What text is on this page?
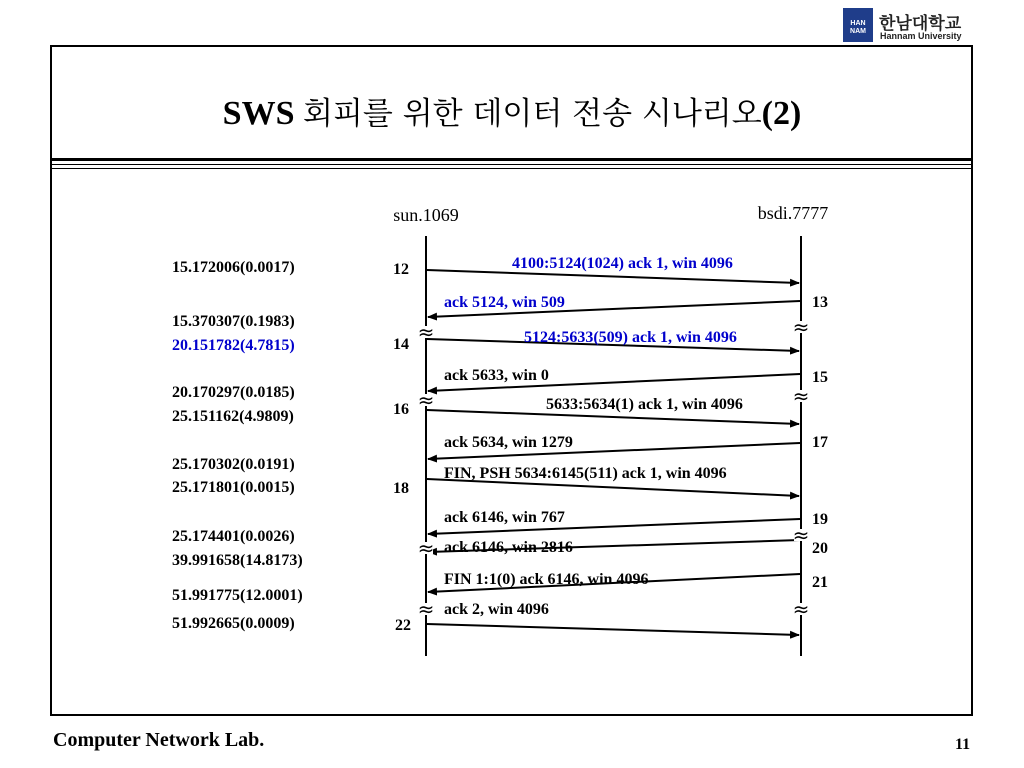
HAN NAM 한남대학교
Hannam University
SWS 회피를 위한 데이터 전송 시나리오(2)
sun.1069	bsdi.7777
15.172006(0.0017)
15.370307(0.1983)
20.151782(4.7815)
20.170297(0.0185)
25.151162(4.9809)
25.170302(0.0191)
25.171801(0.0015)
25.174401(0.0026)
39.991658(14.8173)
51.991775(12.0001)
51.992665(0.0009)
4100:5124(1024) ack 1, win 4096
12
ack 5124, win 509	13
5124:5633(509) ack 1, win 4096
14
ack 5633, win 0	15
5633:5634(1) ack 1, win 4096
16
ack 5634, win 1279	17
FIN, PSH 5634:6145(511) ack 1, win 4096
18
ack 6146, win 767	19
ack 6146, win 2816	20
FIN 1:1(0) ack 6146, win 4096	21
ack 2, win 4096
22
≈	≈
≈	≈
≈
≈
≈	≈
Computer Network Lab.	11
